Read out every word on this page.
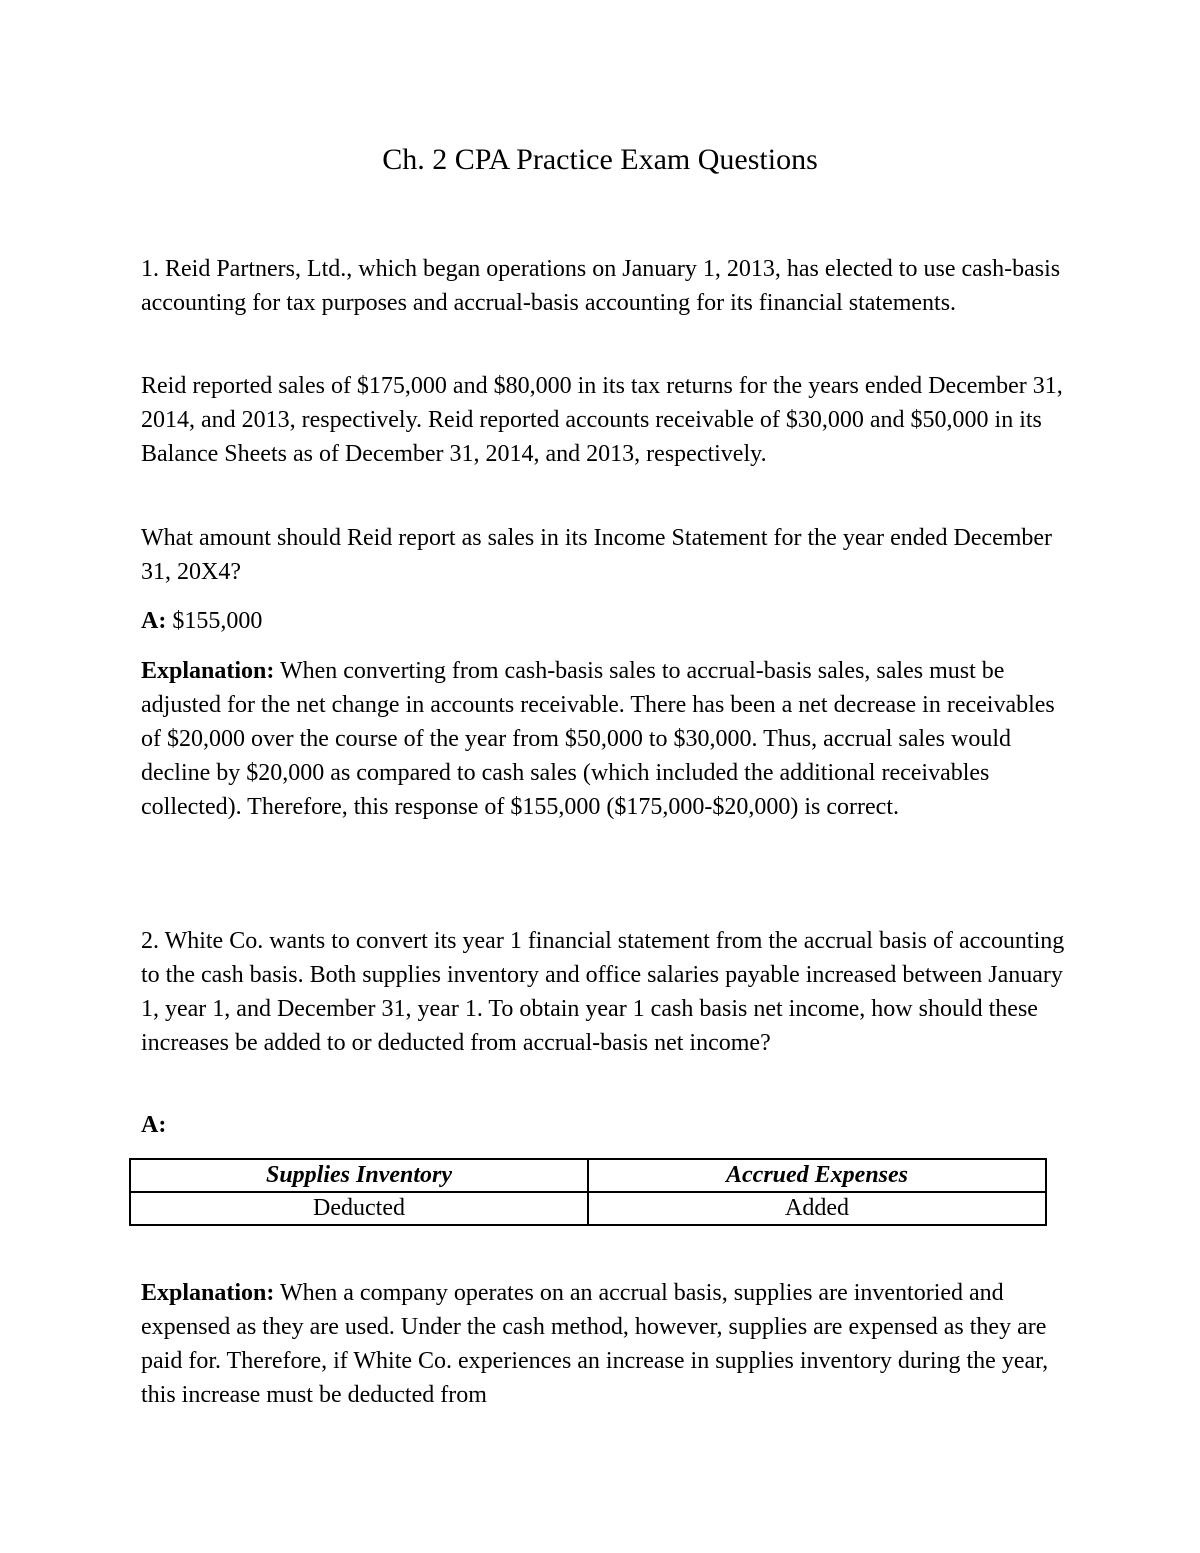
Ch. 2 CPA Practice Exam Questions

1. Reid Partners, Ltd., which began operations on January 1, 2013, has elected to use cash-basis accounting for tax purposes and accrual-basis accounting for its financial statements.

Reid reported sales of $175,000 and $80,000 in its tax returns for the years ended December 31, 2014, and 2013, respectively. Reid reported accounts receivable of $30,000 and $50,000 in its Balance Sheets as of December 31, 2014, and 2013, respectively.

What amount should Reid report as sales in its Income Statement for the year ended December 31, 20X4?

A: $155,000

Explanation: When converting from cash-basis sales to accrual-basis sales, sales must be adjusted for the net change in accounts receivable. There has been a net decrease in receivables of $20,000 over the course of the year from $50,000 to $30,000. Thus, accrual sales would decline by $20,000 as compared to cash sales (which included the additional receivables collected). Therefore, this response of $155,000 ($175,000-$20,000) is correct.

2. White Co. wants to convert its year 1 financial statement from the accrual basis of accounting to the cash basis. Both supplies inventory and office salaries payable increased between January 1, year 1, and December 31, year 1. To obtain year 1 cash basis net income, how should these increases be added to or deducted from accrual-basis net income?

A:

Supplies Inventory	Accrued Expenses
Deducted	Added

Explanation: When a company operates on an accrual basis, supplies are inventoried and expensed as they are used. Under the cash method, however, supplies are expensed as they are paid for. Therefore, if White Co. experiences an increase in supplies inventory during the year, this increase must be deducted from
